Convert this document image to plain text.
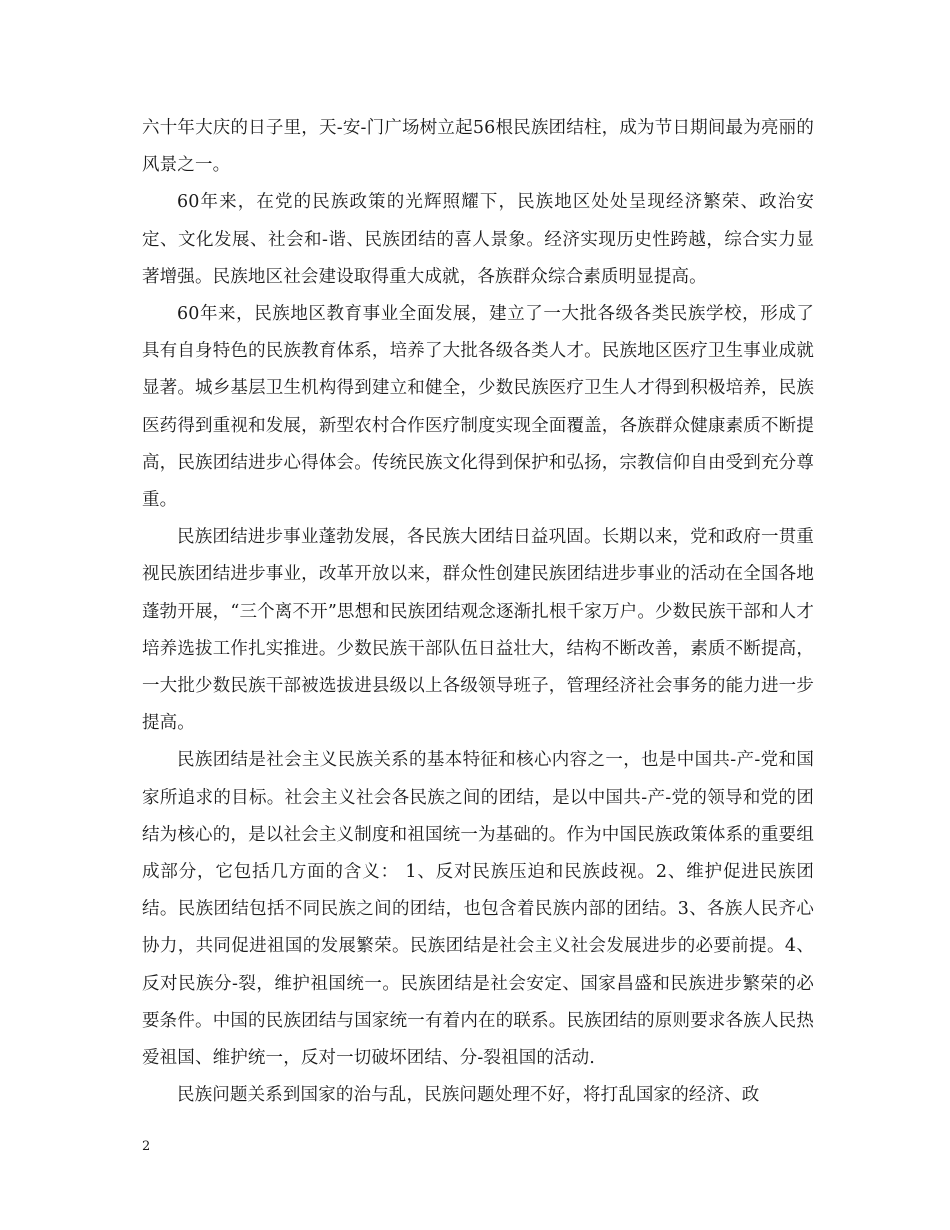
六十年大庆的日子里，天-安-门广场树立起56根民族团结柱，成为节日期间最为亮丽的风景之一。

60年来，在党的民族政策的光辉照耀下，民族地区处处呈现经济繁荣、政治安定、文化发展、社会和-谐、民族团结的喜人景象。经济实现历史性跨越，综合实力显著增强。民族地区社会建设取得重大成就，各族群众综合素质明显提高。

60年来，民族地区教育事业全面发展，建立了一大批各级各类民族学校，形成了具有自身特色的民族教育体系，培养了大批各级各类人才。民族地区医疗卫生事业成就显著。城乡基层卫生机构得到建立和健全，少数民族医疗卫生人才得到积极培养，民族医药得到重视和发展，新型农村合作医疗制度实现全面覆盖，各族群众健康素质不断提高，民族团结进步心得体会。传统民族文化得到保护和弘扬，宗教信仰自由受到充分尊重。

民族团结进步事业蓬勃发展，各民族大团结日益巩固。长期以来，党和政府一贯重视民族团结进步事业，改革开放以来，群众性创建民族团结进步事业的活动在全国各地蓬勃开展，“三个离不开”思想和民族团结观念逐渐扎根千家万户。少数民族干部和人才培养选拔工作扎实推进。少数民族干部队伍日益壮大，结构不断改善，素质不断提高，一大批少数民族干部被选拔进县级以上各级领导班子，管理经济社会事务的能力进一步提高。

民族团结是社会主义民族关系的基本特征和核心内容之一，也是中国共-产-党和国家所追求的目标。社会主义社会各民族之间的团结，是以中国共-产-党的领导和党的团结为核心的，是以社会主义制度和祖国统一为基础的。作为中国民族政策体系的重要组成部分，它包括几方面的含义： 1、反对民族压迫和民族歧视。2、维护促进民族团结。民族团结包括不同民族之间的团结，也包含着民族内部的团结。3、各族人民齐心协力，共同促进祖国的发展繁荣。民族团结是社会主义社会发展进步的必要前提。4、反对民族分-裂，维护祖国统一。民族团结是社会安定、国家昌盛和民族进步繁荣的必要条件。中国的民族团结与国家统一有着内在的联系。民族团结的原则要求各族人民热爱祖国、维护统一，反对一切破坏团结、分-裂祖国的活动.

民族问题关系到国家的治与乱，民族问题处理不好，将打乱国家的经济、政

2
